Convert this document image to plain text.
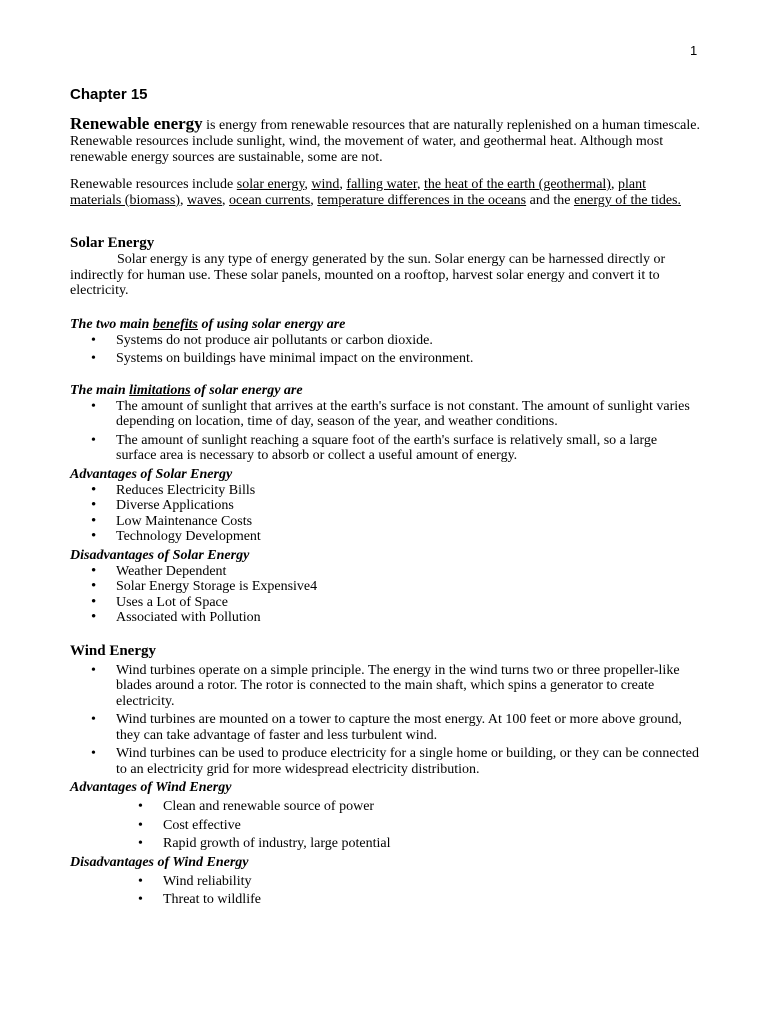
1
Chapter 15

Renewable energy is energy from renewable resources that are naturally replenished on a human timescale. Renewable resources include sunlight, wind, the movement of water, and geothermal heat. Although most renewable energy sources are sustainable, some are not.

Renewable resources include solar energy, wind, falling water, the heat of the earth (geothermal), plant materials (biomass), waves, ocean currents, temperature differences in the oceans and the energy of the tides.

Solar Energy

Solar energy is any type of energy generated by the sun. Solar energy can be harnessed directly or indirectly for human use. These solar panels, mounted on a rooftop, harvest solar energy and convert it to electricity.

The two main benefits of using solar energy are

• Systems do not produce air pollutants or carbon dioxide.
• Systems on buildings have minimal impact on the environment.

The main limitations of solar energy are

• The amount of sunlight that arrives at the earth's surface is not constant. The amount of sunlight varies depending on location, time of day, season of the year, and weather conditions.
• The amount of sunlight reaching a square foot of the earth's surface is relatively small, so a large surface area is necessary to absorb or collect a useful amount of energy.

Advantages of Solar Energy

• Reduces Electricity Bills
• Diverse Applications
• Low Maintenance Costs
• Technology Development

Disadvantages of Solar Energy

• Weather Dependent
• Solar Energy Storage is Expensive4
• Uses a Lot of Space
• Associated with Pollution
Wind Energy
• Wind turbines operate on a simple principle. The energy in the wind turns two or three propeller-like blades around a rotor. The rotor is connected to the main shaft, which spins a generator to create electricity.
• Wind turbines are mounted on a tower to capture the most energy. At 100 feet or more above ground, they can take advantage of faster and less turbulent wind.
• Wind turbines can be used to produce electricity for a single home or building, or they can be connected to an electricity grid for more widespread electricity distribution.

Advantages of Wind Energy

• Clean and renewable source of power
• Cost effective
• Rapid growth of industry, large potential

Disadvantages of Wind Energy

• Wind reliability
• Threat to wildlife
